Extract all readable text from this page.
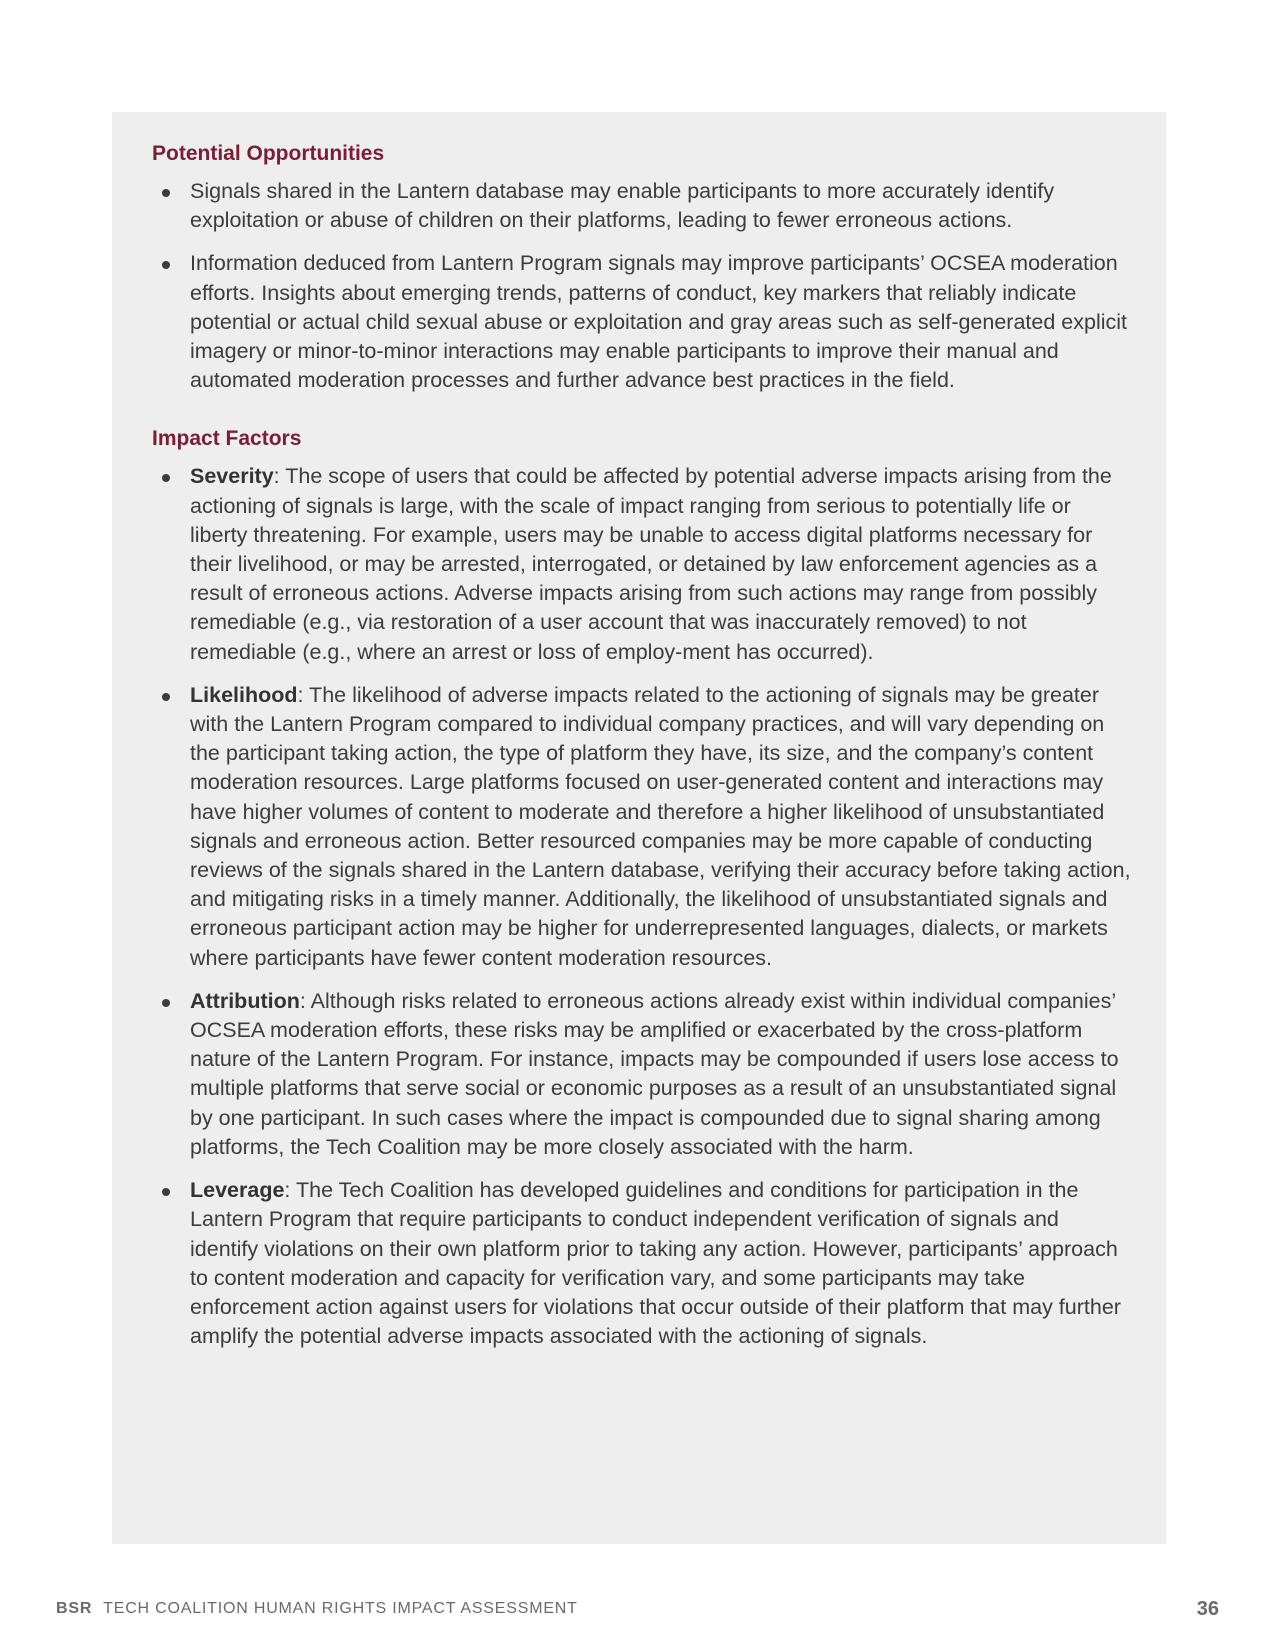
Potential Opportunities
Signals shared in the Lantern database may enable participants to more accurately identify exploitation or abuse of children on their platforms, leading to fewer erroneous actions.
Information deduced from Lantern Program signals may improve participants’ OCSEA moderation efforts. Insights about emerging trends, patterns of conduct, key markers that reliably indicate potential or actual child sexual abuse or exploitation and gray areas such as self-generated explicit imagery or minor-to-minor interactions may enable participants to improve their manual and automated moderation processes and further advance best practices in the field.
Impact Factors
Severity: The scope of users that could be affected by potential adverse impacts arising from the actioning of signals is large, with the scale of impact ranging from serious to potentially life or liberty threatening. For example, users may be unable to access digital platforms necessary for their livelihood, or may be arrested, interrogated, or detained by law enforcement agencies as a result of erroneous actions. Adverse impacts arising from such actions may range from possibly remediable (e.g., via restoration of a user account that was inaccurately removed) to not remediable (e.g., where an arrest or loss of employ-ment has occurred).
Likelihood: The likelihood of adverse impacts related to the actioning of signals may be greater with the Lantern Program compared to individual company practices, and will vary depending on the participant taking action, the type of platform they have, its size, and the company’s content moderation resources. Large platforms focused on user-generated content and interactions may have higher volumes of content to moderate and therefore a higher likelihood of unsubstantiated signals and erroneous action. Better resourced companies may be more capable of conducting reviews of the signals shared in the Lantern database, verifying their accuracy before taking action, and mitigating risks in a timely manner. Additionally, the likelihood of unsubstantiated signals and erroneous participant action may be higher for underrepresented languages, dialects, or markets where participants have fewer content moderation resources.
Attribution: Although risks related to erroneous actions already exist within individual companies’ OCSEA moderation efforts, these risks may be amplified or exacerbated by the cross-platform nature of the Lantern Program. For instance, impacts may be compounded if users lose access to multiple platforms that serve social or economic purposes as a result of an unsubstantiated signal by one participant. In such cases where the impact is compounded due to signal sharing among platforms, the Tech Coalition may be more closely associated with the harm.
Leverage: The Tech Coalition has developed guidelines and conditions for participation in the Lantern Program that require participants to conduct independent verification of signals and identify violations on their own platform prior to taking any action. However, participants’ approach to content moderation and capacity for verification vary, and some participants may take enforcement action against users for violations that occur outside of their platform that may further amplify the potential adverse impacts associated with the actioning of signals.
BSR TECH COALITION HUMAN RIGHTS IMPACT ASSESSMENT	36
